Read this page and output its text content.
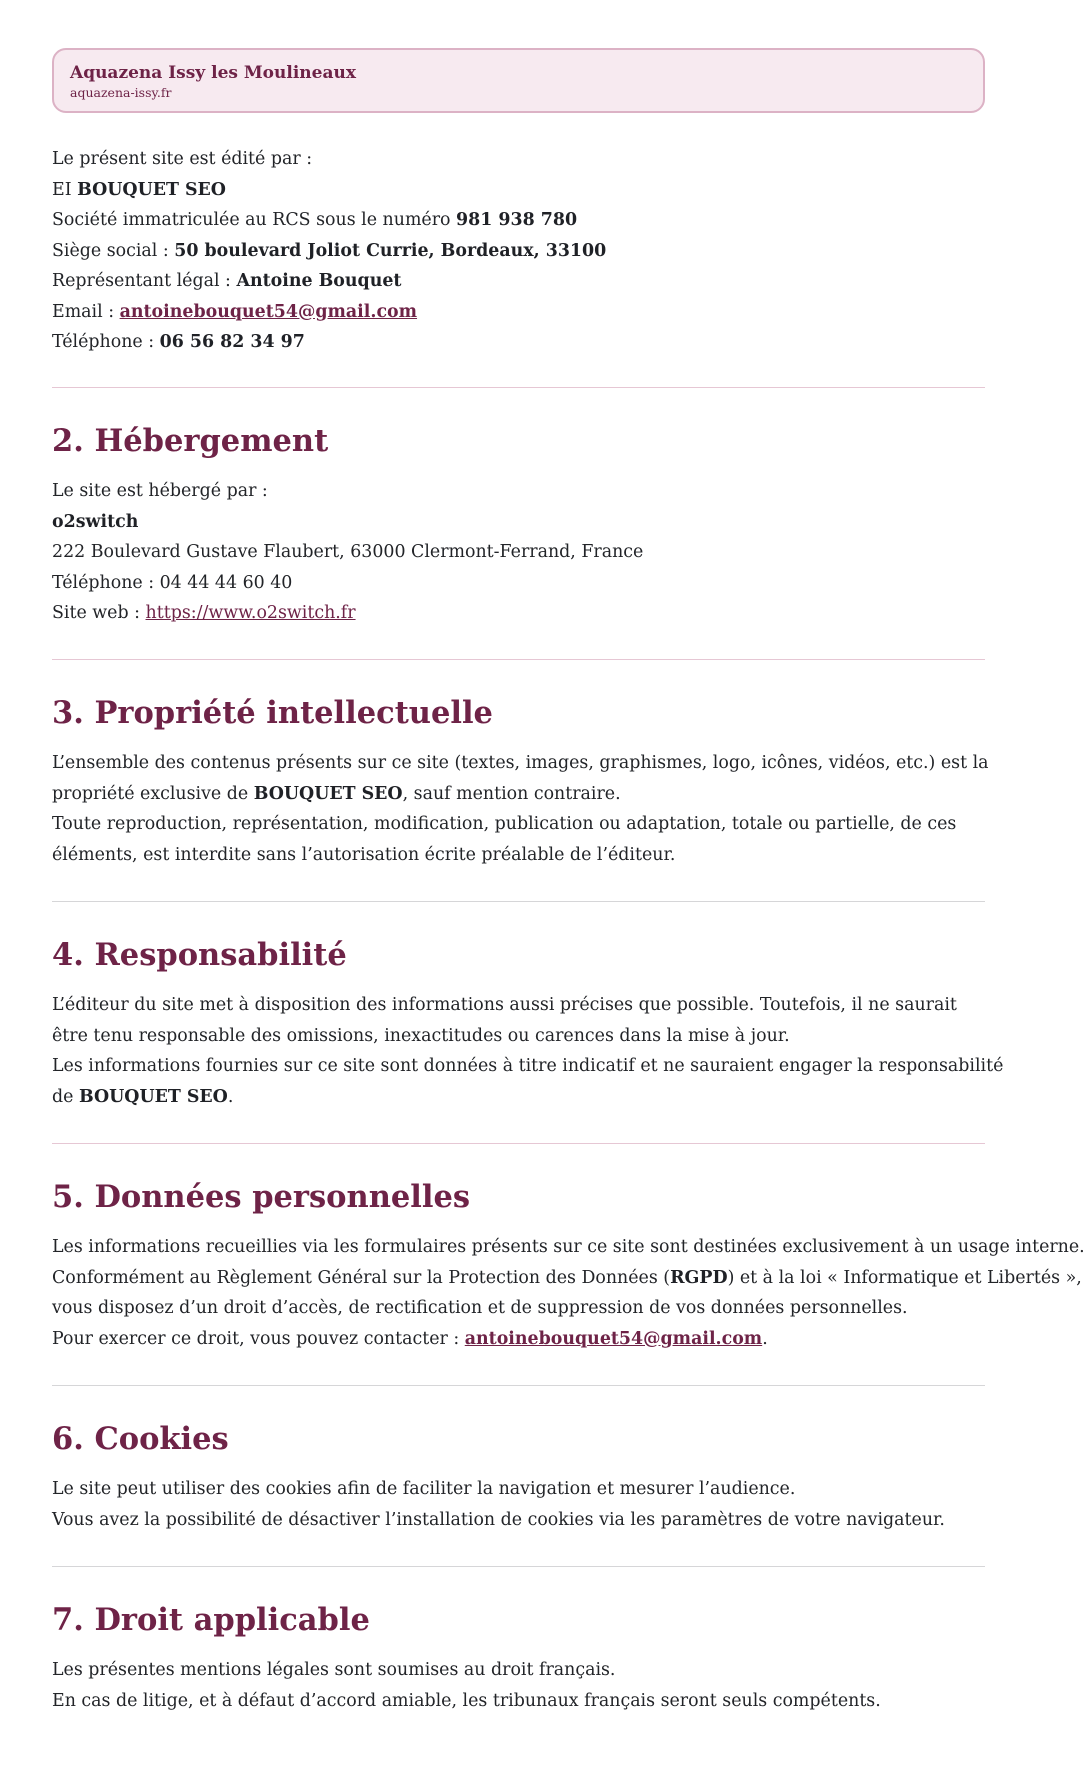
Aquazena Issy les Moulineaux
aquazena-issy.fr
Le présent site est édité par :
EI BOUQUET SEO
Société immatriculée au RCS sous le numéro 981 938 780
Siège social : 50 boulevard Joliot Currie, Bordeaux, 33100
Représentant légal : Antoine Bouquet
Email : antoinebouquet54@gmail.com
Téléphone : 06 56 82 34 97
2. Hébergement
Le site est hébergé par :
o2switch
222 Boulevard Gustave Flaubert, 63000 Clermont-Ferrand, France
Téléphone : 04 44 44 60 40
Site web : https://www.o2switch.fr
3. Propriété intellectuelle
L’ensemble des contenus présents sur ce site (textes, images, graphismes, logo, icônes, vidéos, etc.) est la propriété exclusive de BOUQUET SEO, sauf mention contraire.
Toute reproduction, représentation, modification, publication ou adaptation, totale ou partielle, de ces éléments, est interdite sans l’autorisation écrite préalable de l’éditeur.
4. Responsabilité
L’éditeur du site met à disposition des informations aussi précises que possible. Toutefois, il ne saurait être tenu responsable des omissions, inexactitudes ou carences dans la mise à jour.
Les informations fournies sur ce site sont données à titre indicatif et ne sauraient engager la responsabilité
de BOUQUET SEO.
5. Données personnelles
Les informations recueillies via les formulaires présents sur ce site sont destinées exclusivement à un usage interne.
Conformément au Règlement Général sur la Protection des Données (RGPD) et à la loi « Informatique et Libertés »,
vous disposez d’un droit d’accès, de rectification et de suppression de vos données personnelles.
Pour exercer ce droit, vous pouvez contacter : antoinebouquet54@gmail.com.
6. Cookies
Le site peut utiliser des cookies afin de faciliter la navigation et mesurer l’audience.
Vous avez la possibilité de désactiver l’installation de cookies via les paramètres de votre navigateur.
7. Droit applicable
Les présentes mentions légales sont soumises au droit français.
En cas de litige, et à défaut d’accord amiable, les tribunaux français seront seuls compétents.
